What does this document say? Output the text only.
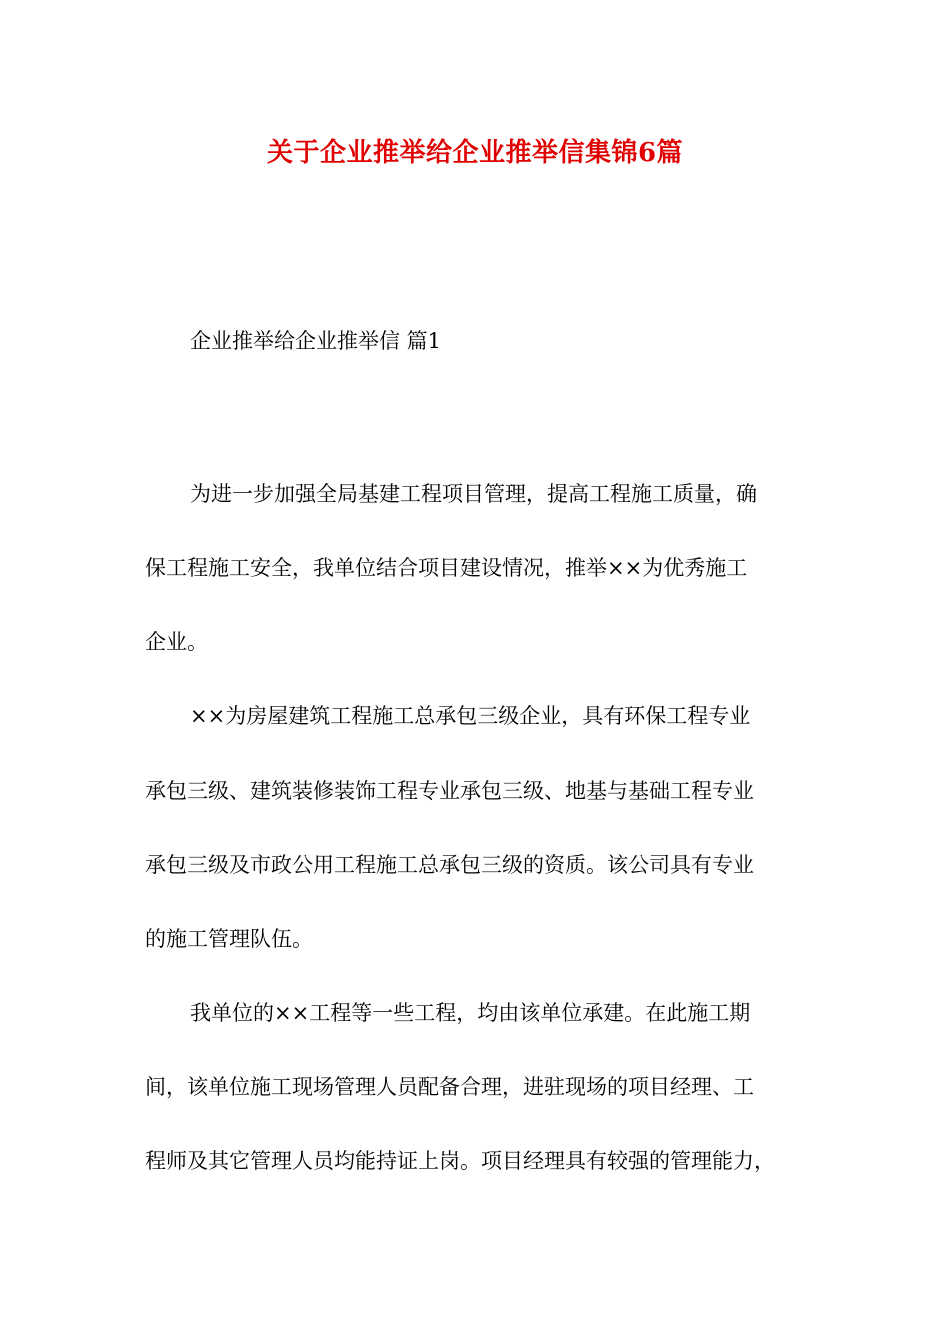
关于企业推举给企业推举信集锦6篇
企业推举给企业推举信 篇1
为进一步加强全局基建工程项目管理，提高工程施工质量，确
保工程施工安全，我单位结合项目建设情况，推举××为优秀施工
企业。
××为房屋建筑工程施工总承包三级企业，具有环保工程专业
承包三级、建筑装修装饰工程专业承包三级、地基与基础工程专业
承包三级及市政公用工程施工总承包三级的资质。该公司具有专业
的施工管理队伍。
我单位的××工程等一些工程，均由该单位承建。在此施工期
间，该单位施工现场管理人员配备合理，进驻现场的项目经理、工
程师及其它管理人员均能持证上岗。项目经理具有较强的管理能力，
